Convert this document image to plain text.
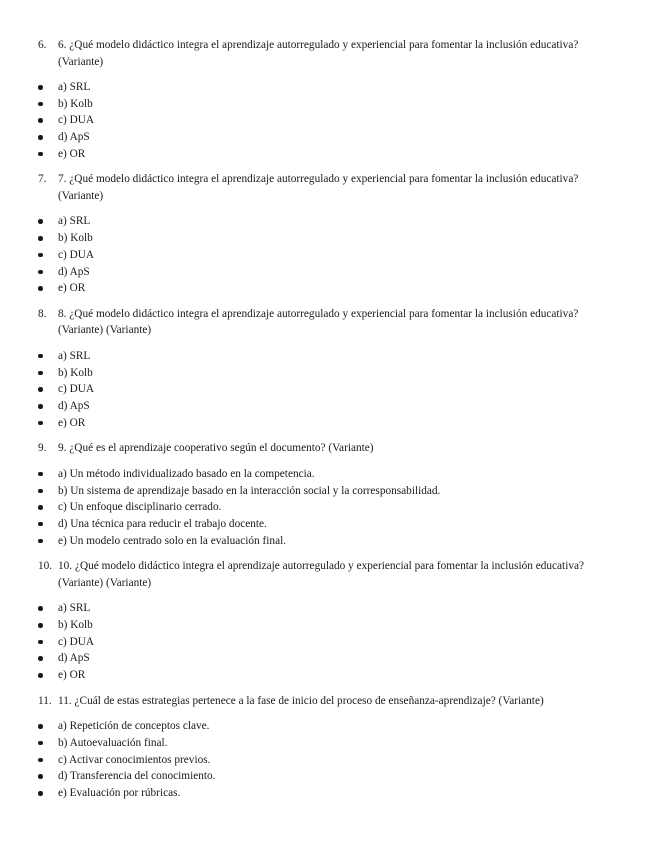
6. 6. ¿Qué modelo didáctico integra el aprendizaje autorregulado y experiencial para fomentar la inclusión educativa? (Variante)
a) SRL
b) Kolb
c) DUA
d) ApS
e) OR
7. 7. ¿Qué modelo didáctico integra el aprendizaje autorregulado y experiencial para fomentar la inclusión educativa? (Variante)
a) SRL
b) Kolb
c) DUA
d) ApS
e) OR
8. 8. ¿Qué modelo didáctico integra el aprendizaje autorregulado y experiencial para fomentar la inclusión educativa? (Variante) (Variante)
a) SRL
b) Kolb
c) DUA
d) ApS
e) OR
9. 9. ¿Qué es el aprendizaje cooperativo según el documento? (Variante)
a) Un método individualizado basado en la competencia.
b) Un sistema de aprendizaje basado en la interacción social y la corresponsabilidad.
c) Un enfoque disciplinario cerrado.
d) Una técnica para reducir el trabajo docente.
e) Un modelo centrado solo en la evaluación final.
10. 10. ¿Qué modelo didáctico integra el aprendizaje autorregulado y experiencial para fomentar la inclusión educativa? (Variante) (Variante)
a) SRL
b) Kolb
c) DUA
d) ApS
e) OR
11. 11. ¿Cuál de estas estrategias pertenece a la fase de inicio del proceso de enseñanza-aprendizaje? (Variante)
a) Repetición de conceptos clave.
b) Autoevaluación final.
c) Activar conocimientos previos.
d) Transferencia del conocimiento.
e) Evaluación por rúbricas.
